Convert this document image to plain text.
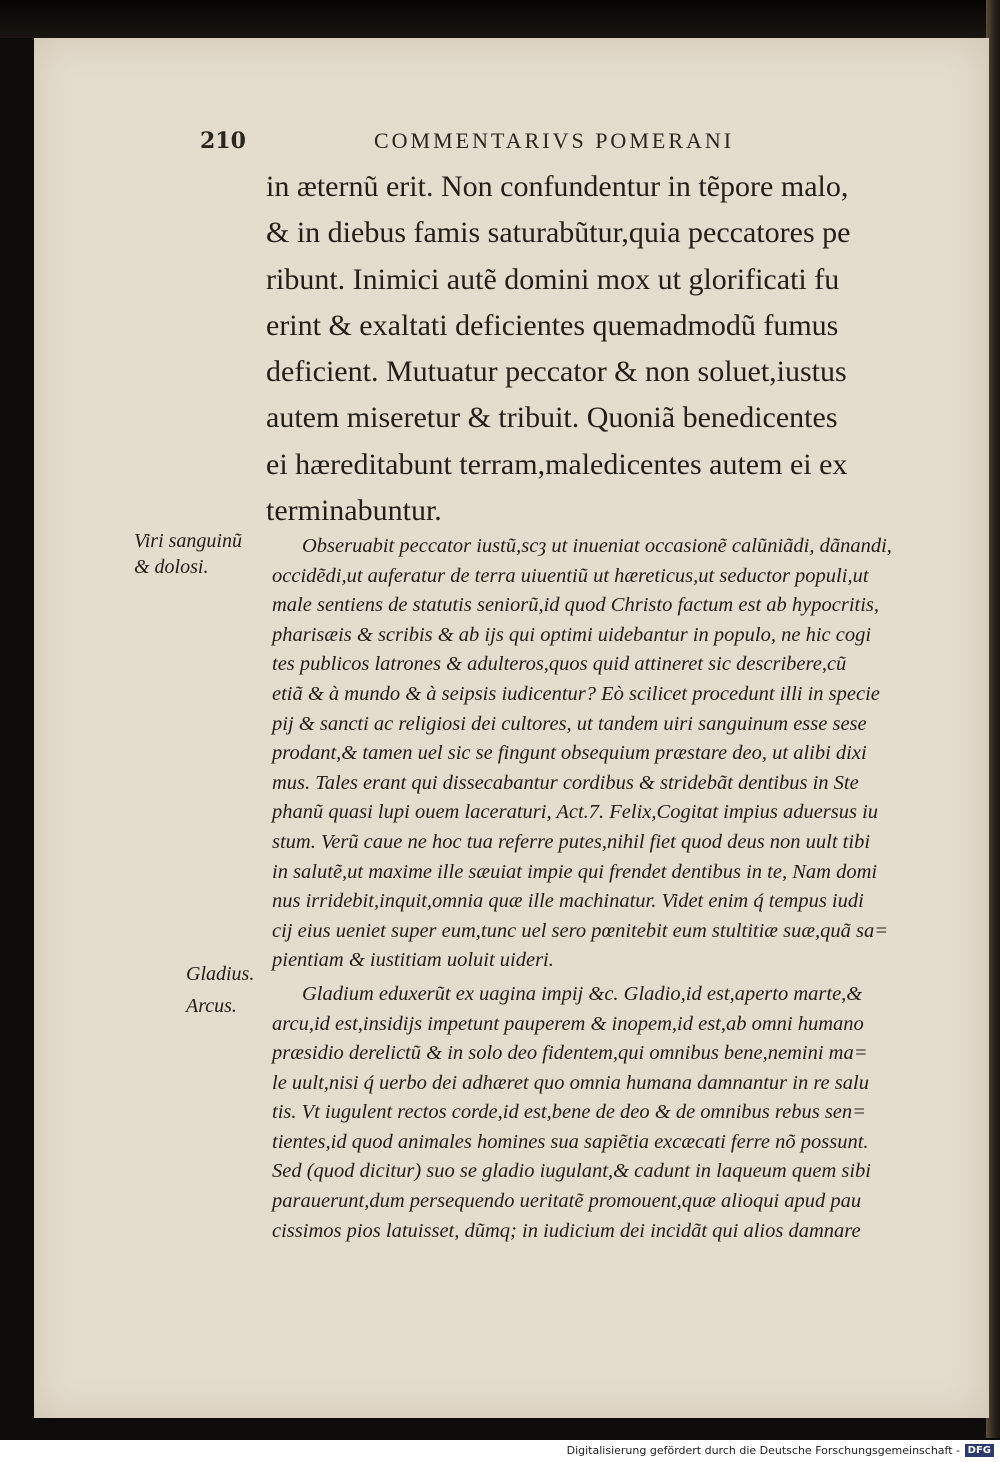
210	COMMENTARIVS POMERANI
in æternũ erit. Non confundentur in tẽpore malo,
& in diebus famis saturabũtur,quia peccatores pe
ribunt. Inimici autẽ domini mox ut glorificati fu
erint & exaltati deficientes quemadmodũ fumus
deficient. Mutuatur peccator & non soluet,iustus
autem miseretur & tribuit. Quoniã benedicentes
ei hæreditabunt terram,maledicentes autem ei ex
terminabuntur.
Viri sanguinũ
& dolosi.
Gladius.
Arcus.
Obseruabit peccator iustũ,scȝ ut inueniat occasionẽ calũniãdi, dãnandi,
occidẽdi,ut auferatur de terra uiuentiũ ut hæreticus,ut seductor populi,ut
male sentiens de statutis seniorũ,id quod Christo factum est ab hypocritis,
pharisæis & scribis & ab ijs qui optimi uidebantur in populo, ne hic cogi
tes publicos latrones & adulteros,quos quid attineret sic describere,cũ
etiã & à mundo & à seipsis iudicentur? Eò scilicet procedunt illi in specie
pij & sancti ac religiosi dei cultores, ut tandem uiri sanguinum esse sese
prodant,& tamen uel sic se fingunt obsequium præstare deo, ut alibi dixi
mus. Tales erant qui dissecabantur cordibus & stridebãt dentibus in Ste
phanũ quasi lupi ouem laceraturi, Act.7. Felix,Cogitat impius aduersus iu
stum. Verũ caue ne hoc tua referre putes,nihil fiet quod deus non uult tibi
in salutẽ,ut maxime ille sæuiat impie qui frendet dentibus in te, Nam domi
nus irridebit,inquit,omnia quæ ille machinatur. Videt enim q́ tempus iudi
cij eius ueniet super eum,tunc uel sero pœnitebit eum stultitiæ suæ,quã sa=
pientiam & iustitiam uoluit uideri.
Gladium eduxerũt ex uagina impij &c. Gladio,id est,aperto marte,&
arcu,id est,insidijs impetunt pauperem & inopem,id est,ab omni humano
præsidio derelictũ & in solo deo fidentem,qui omnibus bene,nemini ma=
le uult,nisi q́ uerbo dei adhæret quo omnia humana damnantur in re salu
tis. Vt iugulent rectos corde,id est,bene de deo & de omnibus rebus sen=
tientes,id quod animales homines sua sapiẽtia excæcati ferre nõ possunt.
Sed (quod dicitur) suo se gladio iugulant,& cadunt in laqueum quem sibi
parauerunt,dum persequendo ueritatẽ promouent,quæ alioqui apud pau
cissimos pios latuisset, dũmq; in iudicium dei incidãt qui alios damnare
Digitalisierung gefördert durch die Deutsche Forschungsgemeinschaft - DFG
